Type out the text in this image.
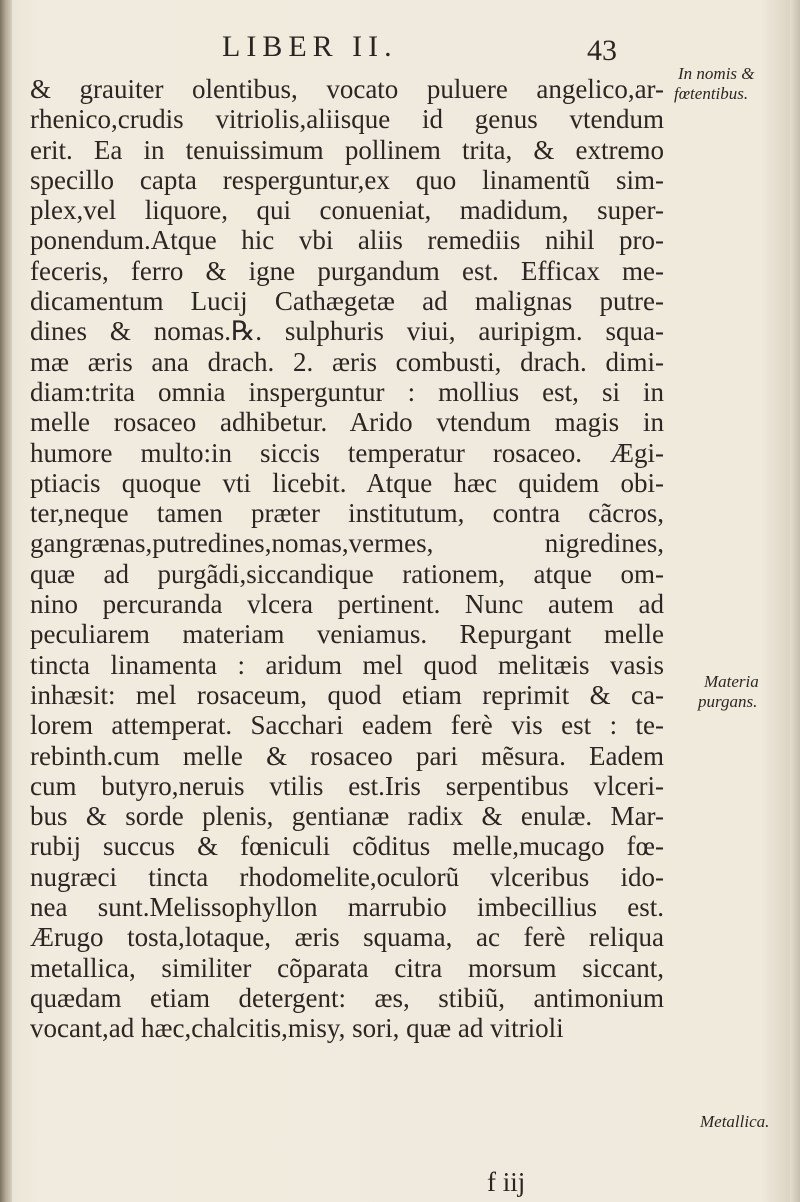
LIBER II.	43
& grauiter olentibus, vocato puluere angelico,ar-
rhenico,crudis vitriolis,aliisque id genus vtendum
erit. Ea in tenuissimum pollinem trita, & extremo
specillo capta resperguntur,ex quo linamentũ sim-
plex,vel liquore, qui conueniat, madidum, super-
ponendum.Atque hic vbi aliis remediis nihil pro-
feceris, ferro & igne purgandum est. Efficax me-
dicamentum Lucij Cathægetæ ad malignas putre-
dines & nomas.℞. sulphuris viui, auripigm. squa-
mæ æris ana drach. 2. æris combusti, drach. dimi-
diam:trita omnia insperguntur : mollius est, si in
melle rosaceo adhibetur. Arido vtendum magis in
humore multo:in siccis temperatur rosaceo. Ægi-
ptiacis quoque vti licebit. Atque hæc quidem obi-
ter,neque tamen præter institutum, contra cãcros,
gangrænas,putredines,nomas,vermes, nigredines,
quæ ad purgãdi,siccandique rationem, atque om-
nino percuranda vlcera pertinent. Nunc autem ad
peculiarem materiam veniamus. Repurgant melle
tincta linamenta : aridum mel quod melitæis vasis
inhæsit: mel rosaceum, quod etiam reprimit & ca-
lorem attemperat. Sacchari eadem ferè vis est : te-
rebinth.cum melle & rosaceo pari mẽsura. Eadem
cum butyro,neruis vtilis est.Iris serpentibus vlceri-
bus & sorde plenis, gentianæ radix & enulæ. Mar-
rubij succus & fœniculi cõditus melle,mucago fœ-
nugræci tincta rhodomelite,oculorũ vlceribus ido-
nea sunt.Melissophyllon marrubio imbecillius est.
Ærugo tosta,lotaque, æris squama, ac ferè reliqua
metallica, similiter cõparata citra morsum siccant,
quædam etiam detergent: æs, stibiũ, antimonium
vocant,ad hæc,chalcitis,misy, sori, quæ ad vitrioli
f iij
In nomis &
fœtentibus.
Materia
purgans.
Metallica.
